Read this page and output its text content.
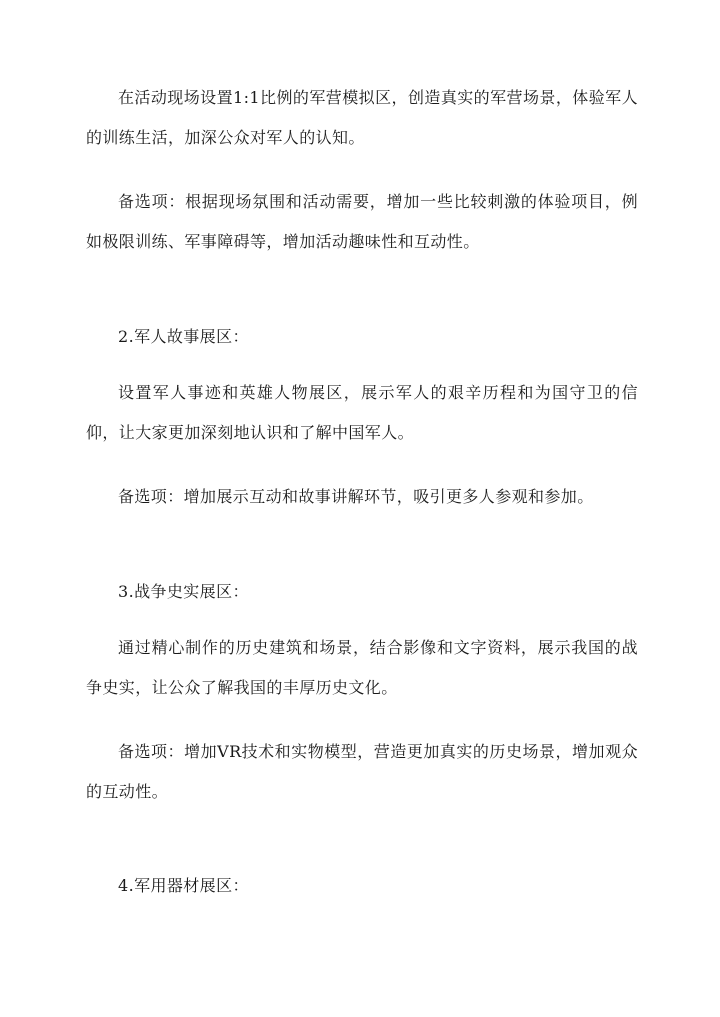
在活动现场设置1:1比例的军营模拟区，创造真实的军营场景，体验军人的训练生活，加深公众对军人的认知。

备选项：根据现场氛围和活动需要，增加一些比较刺激的体验项目，例如极限训练、军事障碍等，增加活动趣味性和互动性。

2.军人故事展区：

设置军人事迹和英雄人物展区，展示军人的艰辛历程和为国守卫的信仰，让大家更加深刻地认识和了解中国军人。

备选项：增加展示互动和故事讲解环节，吸引更多人参观和参加。

3.战争史实展区：

通过精心制作的历史建筑和场景，结合影像和文字资料，展示我国的战争史实，让公众了解我国的丰厚历史文化。

备选项：增加VR技术和实物模型，营造更加真实的历史场景，增加观众的互动性。

4.军用器材展区：
